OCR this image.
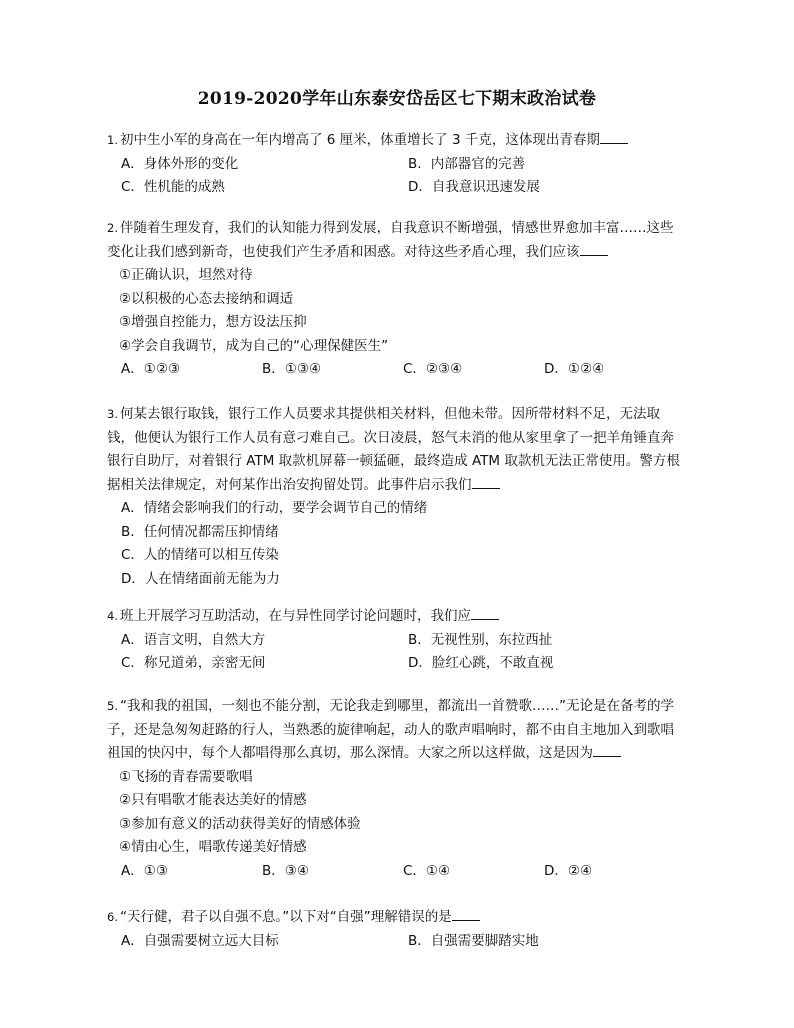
2019-2020学年山东泰安岱岳区七下期末政治试卷

1. 初中生小军的身高在一年内增高了 6 厘米，体重增长了 3 千克，这体现出青春期

A．身体外形的变化	B．内部器官的完善
C．性机能的成熟	D．自我意识迅速发展

2. 伴随着生理发育，我们的认知能力得到发展，自我意识不断增强，情感世界愈加丰富……这些变化让我们感到新奇，也使我们产生矛盾和困惑。对待这些矛盾心理，我们应该

①正确认识，坦然对待

②以积极的心态去接纳和调适

③增强自控能力，想方设法压抑

④学会自我调节，成为自己的“心理保健医生”

A．①②③	B．①③④	C．②③④	D．①②④

3. 何某去银行取钱，银行工作人员要求其提供相关材料，但他未带。因所带材料不足，无法取钱，他便认为银行工作人员有意刁难自己。次日凌晨，怒气未消的他从家里拿了一把羊角锤直奔银行自助厅，对着银行 ATM 取款机屏幕一顿猛砸，最终造成 ATM 取款机无法正常使用。警方根据相关法律规定，对何某作出治安拘留处罚。此事件启示我们

A．情绪会影响我们的行动，要学会调节自己的情绪
B．任何情况都需压抑情绪
C．人的情绪可以相互传染
D．人在情绪面前无能为力

4. 班上开展学习互助活动，在与异性同学讨论问题时，我们应

A．语言文明，自然大方	B．无视性别，东拉西扯
C．称兄道弟，亲密无间	D．脸红心跳，不敢直视

5. “我和我的祖国，一刻也不能分割，无论我走到哪里，都流出一首赞歌……”无论是在备考的学子，还是急匆匆赶路的行人，当熟悉的旋律响起，动人的歌声唱响时，都不由自主地加入到歌唱祖国的快闪中，每个人都唱得那么真切，那么深情。大家之所以这样做，这是因为

①飞扬的青春需要歌唱

②只有唱歌才能表达美好的情感

③参加有意义的活动获得美好的情感体验

④情由心生，唱歌传递美好情感

A．①③	B．③④	C．①④	D．②④

6. “天行健，君子以自强不息。”以下对“自强”理解错误的是

A．自强需要树立远大目标	B．自强需要脚踏实地
